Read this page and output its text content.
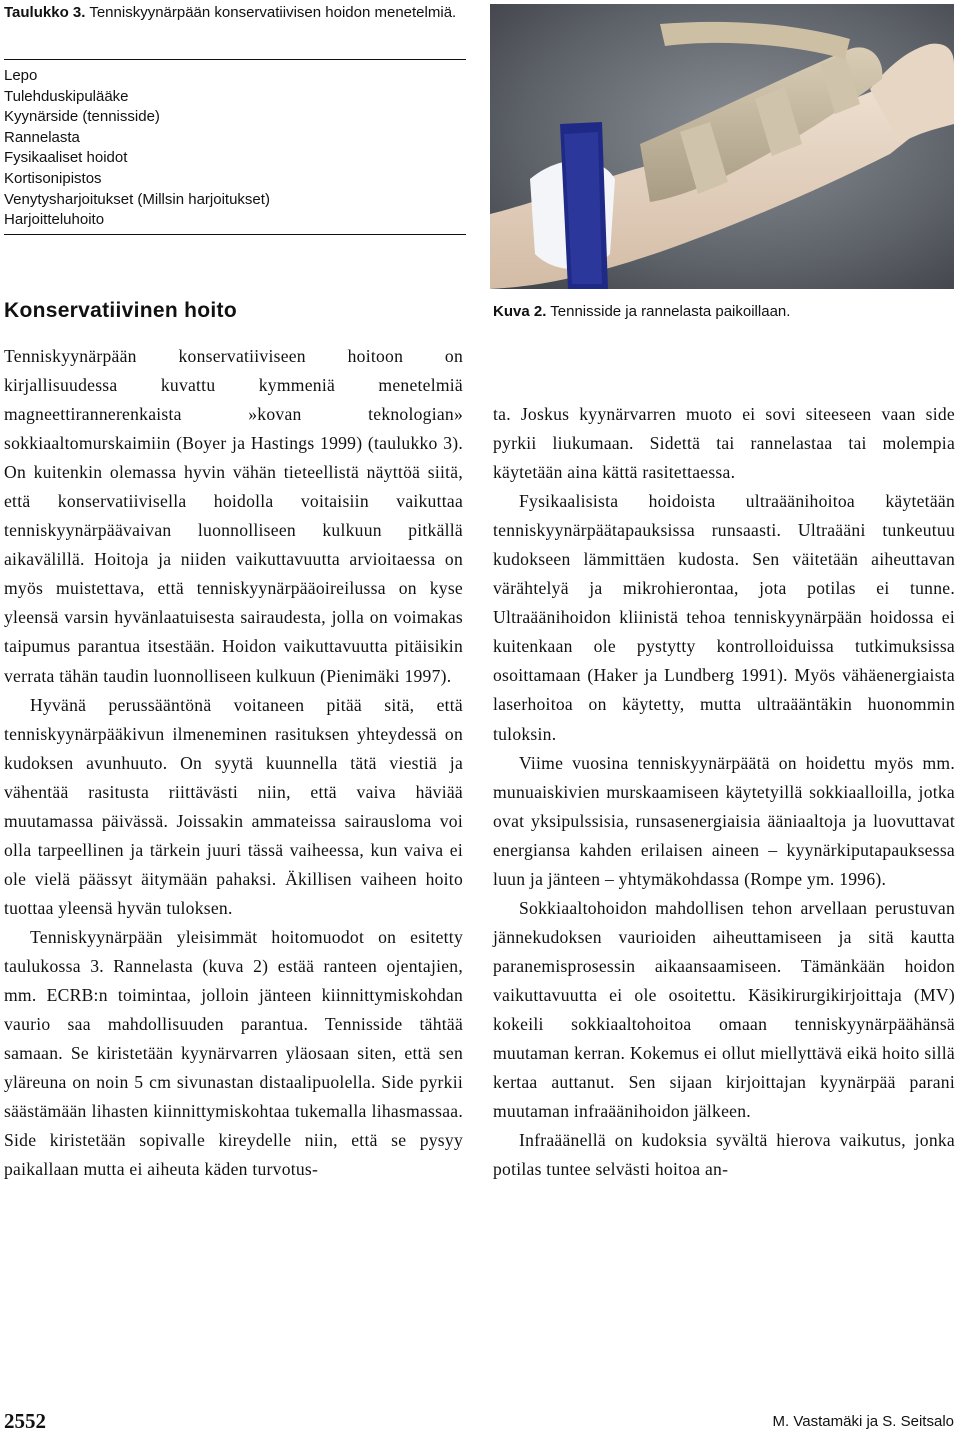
Taulukko 3. Tenniskyynärpään konservatiivisen hoidon menetelmiä.

Lepo
Tulehduskipulääke
Kyynärside (tennisside)
Rannelasta
Fysikaaliset hoidot
Kortisonipistos
Venytysharjoitukset (Millsin harjoitukset)
Harjoitteluhoito
Kuva 2. Tennisside ja rannelasta paikoillaan.
Konservatiivinen hoito

Tenniskyynärpään konservatiiviseen hoitoon on kirjallisuudessa kuvattu kymmeniä menetelmiä magneettirannerenkaista »kovan teknologian» sokkiaaltomurskaimiin (Boyer ja Hastings 1999) (taulukko 3). On kuitenkin olemassa hyvin vähän tieteellistä näyttöä siitä, että konservatiivisella hoidolla voitaisiin vaikuttaa tenniskyynärpäävaivan luonnolliseen kulkuun pitkällä aikavälillä. Hoitoja ja niiden vaikuttavuutta arvioitaessa on myös muistettava, että tenniskyynärpääoireilussa on kyse yleensä varsin hyvänlaatuisesta sairaudesta, jolla on voimakas taipumus parantua itsestään. Hoidon vaikuttavuutta pitäisikin verrata tähän taudin luonnolliseen kulkuun (Pienimäki 1997).

Hyvänä perussääntönä voitaneen pitää sitä, että tenniskyynärpääkivun ilmeneminen rasituksen yhteydessä on kudoksen avunhuuto. On syytä kuunnella tätä viestiä ja vähentää rasitusta riittävästi niin, että vaiva häviää muutamassa päivässä. Joissakin ammateissa sairausloma voi olla tarpeellinen ja tärkein juuri tässä vaiheessa, kun vaiva ei ole vielä päässyt äitymään pahaksi. Äkillisen vaiheen hoito tuottaa yleensä hyvän tuloksen.

Tenniskyynärpään yleisimmät hoitomuodot on esitetty taulukossa 3. Rannelasta (kuva 2) estää ranteen ojentajien, mm. ECRB:n toimintaa, jolloin jänteen kiinnittymiskohdan vaurio saa mahdollisuuden parantua. Tennisside tähtää samaan. Se kiristetään kyynärvarren yläosaan siten, että sen yläreuna on noin 5 cm sivunastan distaalipuolella. Side pyrkii säästämään lihasten kiinnittymiskohtaa tukemalla lihasmassaa. Side kiristetään sopivalle kireydelle niin, että se pysyy paikallaan mutta ei aiheuta käden turvotus-

ta. Joskus kyynärvarren muoto ei sovi siteeseen vaan side pyrkii liukumaan. Sidettä tai rannelastaa tai molempia käytetään aina kättä rasitettaessa.

Fysikaalisista hoidoista ultraäänihoitoa käytetään tenniskyynärpäätapauksissa runsaasti. Ultraääni tunkeutuu kudokseen lämmittäen kudosta. Sen väitetään aiheuttavan värähtelyä ja mikrohierontaa, jota potilas ei tunne. Ultraäänihoidon kliinistä tehoa tenniskyynärpään hoidossa ei kuitenkaan ole pystytty kontrolloiduissa tutkimuksissa osoittamaan (Haker ja Lundberg 1991). Myös vähäenergiaista laserhoitoa on käytetty, mutta ultraääntäkin huonommin tuloksin.

Viime vuosina tenniskyynärpäätä on hoidettu myös mm. munuaiskivien murskaamiseen käytetyillä sokkiaalloilla, jotka ovat yksipulssisia, runsasenergiaisia ääniaaltoja ja luovuttavat energiansa kahden erilaisen aineen – kyynärkiputapauksessa luun ja jänteen – yhtymäkohdassa (Rompe ym. 1996).

Sokkiaaltohoidon mahdollisen tehon arvellaan perustuvan jännekudoksen vaurioiden aiheuttamiseen ja sitä kautta paranemisprosessin aikaansaamiseen. Tämänkään hoidon vaikuttavuutta ei ole osoitettu. Käsikirurgikirjoittaja (MV) kokeili sokkiaaltohoitoa omaan tenniskyynärpäähänsä muutaman kerran. Kokemus ei ollut miellyttävä eikä hoito sillä kertaa auttanut. Sen sijaan kirjoittajan kyynärpää parani muutaman infraäänihoidon jälkeen.

Infraäänellä on kudoksia syvältä hierova vaikutus, jonka potilas tuntee selvästi hoitoa an-

2552	M. Vastamäki ja S. Seitsalo
